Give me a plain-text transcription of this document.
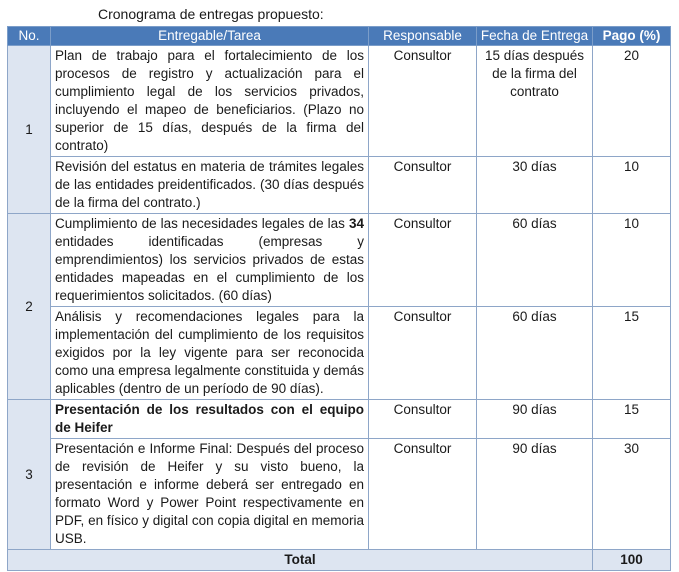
Cronograma de entregas propuesto:
No.	Entregable/Tarea	Responsable	Fecha de Entrega	Pago (%)
1	Plan de trabajo para el fortalecimiento de los procesos de registro y actualización para el cumplimiento legal de los servicios privados, incluyendo el mapeo de beneficiarios. (Plazo no superior de 15 días, después de la firma del contrato)	Consultor	15 días después de la firma del contrato	20
	Revisión del estatus en materia de trámites legales de las entidades preidentificados. (30 días después de la firma del contrato.)	Consultor	30 días	10
2	Cumplimiento de las necesidades legales de las 34 entidades identificadas (empresas y emprendimientos) los servicios privados de estas entidades mapeadas en el cumplimiento de los requerimientos solicitados. (60 días)	Consultor	60 días	10
	Análisis y recomendaciones legales para la implementación del cumplimiento de los requisitos exigidos por la ley vigente para ser reconocida como una empresa legalmente constituida y demás aplicables (dentro de un período de 90 días).	Consultor	60 días	15
3	Presentación de los resultados con el equipo de Heifer	Consultor	90 días	15
	Presentación e Informe Final: Después del proceso de revisión de Heifer y su visto bueno, la presentación e informe deberá ser entregado en formato Word y Power Point respectivamente en PDF, en físico y digital con copia digital en memoria USB.	Consultor	90 días	30
Total				100
